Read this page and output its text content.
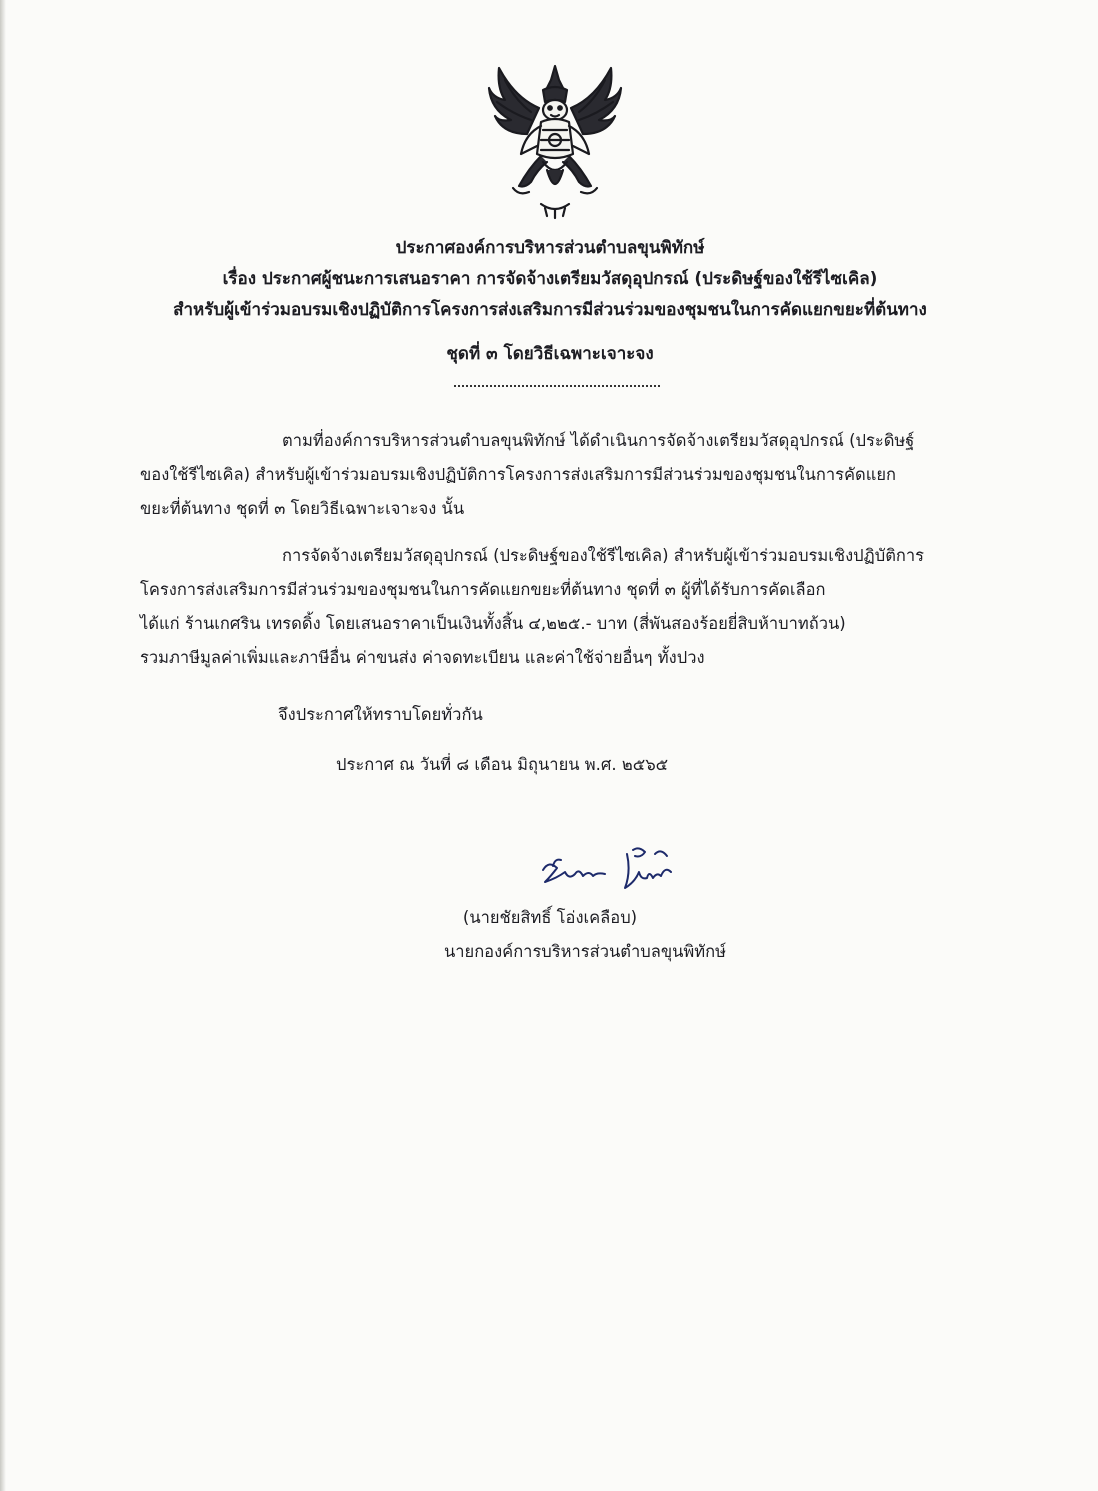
ประกาศองค์การบริหารส่วนตำบลขุนพิทักษ์
เรื่อง ประกาศผู้ชนะการเสนอราคา การจัดจ้างเตรียมวัสดุอุปกรณ์ (ประดิษฐ์ของใช้รีไซเคิล)
สำหรับผู้เข้าร่วมอบรมเชิงปฏิบัติการโครงการส่งเสริมการมีส่วนร่วมของชุมชนในการคัดแยกขยะที่ต้นทาง
ชุดที่ ๓ โดยวิธีเฉพาะเจาะจง
ตามที่องค์การบริหารส่วนตำบลขุนพิทักษ์ ได้ดำเนินการจัดจ้างเตรียมวัสดุอุปกรณ์ (ประดิษฐ์
ของใช้รีไซเคิล) สำหรับผู้เข้าร่วมอบรมเชิงปฏิบัติการโครงการส่งเสริมการมีส่วนร่วมของชุมชนในการคัดแยก
ขยะที่ต้นทาง ชุดที่ ๓ โดยวิธีเฉพาะเจาะจง นั้น
การจัดจ้างเตรียมวัสดุอุปกรณ์ (ประดิษฐ์ของใช้รีไซเคิล) สำหรับผู้เข้าร่วมอบรมเชิงปฏิบัติการ
โครงการส่งเสริมการมีส่วนร่วมของชุมชนในการคัดแยกขยะที่ต้นทาง ชุดที่ ๓ ผู้ที่ได้รับการคัดเลือก
ได้แก่ ร้านเกศริน เทรดดิ้ง โดยเสนอราคาเป็นเงินทั้งสิ้น ๔,๒๒๕.- บาท (สี่พันสองร้อยยี่สิบห้าบาทถ้วน)
รวมภาษีมูลค่าเพิ่มและภาษีอื่น ค่าขนส่ง ค่าจดทะเบียน และค่าใช้จ่ายอื่นๆ ทั้งปวง
จึงประกาศให้ทราบโดยทั่วกัน
ประกาศ ณ วันที่ ๘ เดือน มิถุนายน พ.ศ. ๒๕๖๕
(นายชัยสิทธิ์ โอ่งเคลือบ)
นายกองค์การบริหารส่วนตำบลขุนพิทักษ์
